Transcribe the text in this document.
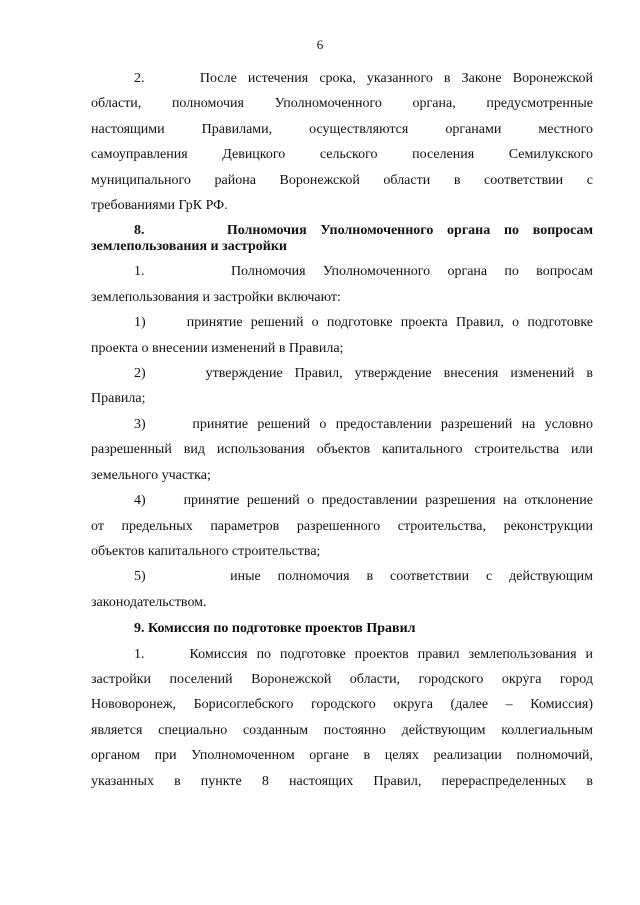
6
2.     После истечения срока, указанного в Законе Воронежской
области, полномочия Уполномоченного органа, предусмотренные
настоящими Правилами, осуществляются органами местного
самоуправления Девицкого сельского поселения Семилукского
муниципального района Воронежской области в соответствии с
требованиями ГрК РФ.
8.      Полномочия Уполномоченного органа по вопросам
землепользования и застройки
1.     Полномочия Уполномоченного органа по вопросам
землепользования и застройки включают:
1)     принятие решений о подготовке проекта Правил, о подготовке
проекта о внесении изменений в Правила;
2)     утверждение Правил, утверждение внесения изменений в
Правила;
3)     принятие решений о предоставлении разрешений на условно
разрешенный вид использования объектов капитального строительства или
земельного участка;
4)     принятие решений о предоставлении разрешения на отклонение
от предельных параметров разрешенного строительства, реконструкции
объектов капитального строительства;
5)     иные полномочия в соответствии с действующим
законодательством.
9. Комиссия по подготовке проектов Правил
1.     Комиссия по подготовке проектов правил землепользования и
застройки поселений Воронежской области, городского округа город
Нововоронеж, Борисоглебского городского округа (далее – Комиссия)
является специально созданным постоянно действующим коллегиальным
органом при Уполномоченном органе в целях реализации полномочий,
указанных в пункте 8 настоящих Правил, перераспределенных в
